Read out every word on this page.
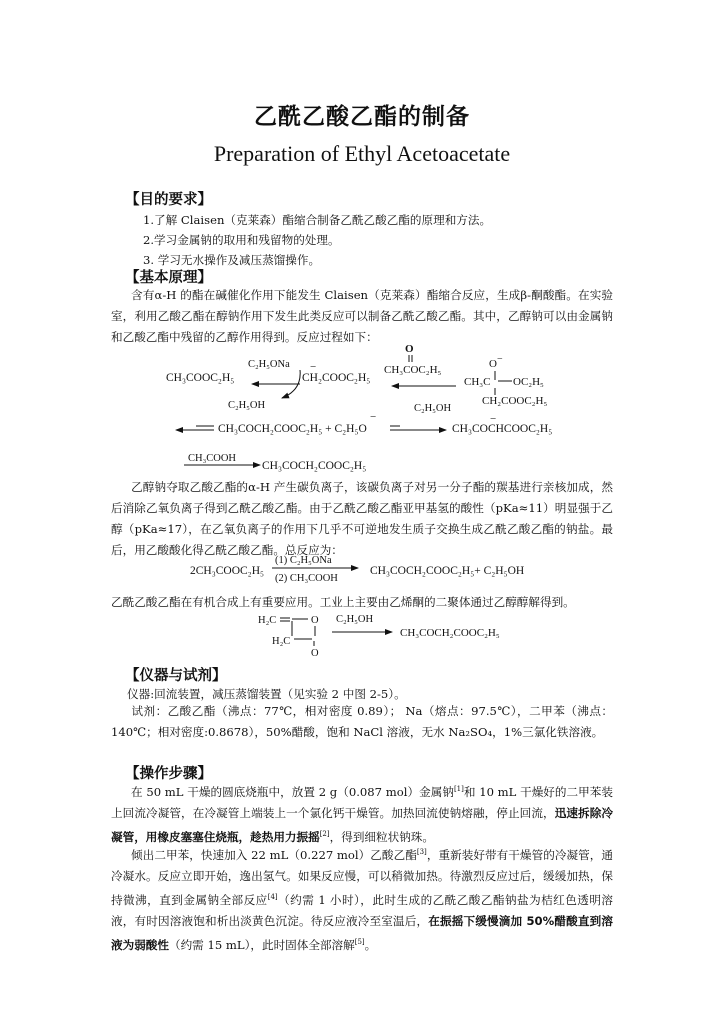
乙酰乙酸乙酯的制备
Preparation of Ethyl Acetoacetate
【目的要求】
1.了解 Claisen（克莱森）酯缩合制备乙酰乙酸乙酯的原理和方法。
2.学习金属钠的取用和残留物的处理。
3. 学习无水操作及减压蒸馏操作。
【基本原理】
含有α-H 的酯在碱催化作用下能发生 Claisen（克莱森）酯缩合反应，生成β-酮酸酯。在实验室，利用乙酸乙酯在醇钠作用下发生此类反应可以制备乙酰乙酸乙酯。其中，乙醇钠可以由金属钠和乙酸乙酯中残留的乙醇作用得到。反应过程如下：
CH₃COOC₂H₅
C₂H₅ONa
C₂H₅OH
CH₂COOC₂H₅
−
O
CH₃COC₂H₅	O −
CH₃C OC₂H₅
CH₂COOC₂H₅
CH₃COCH₂COOC₂H₅ + C₂H₅O
−
C₂H₅OH
CH₃COCHCOOC₂H₅
−
CH₃COOH
CH₃COCH₂COOC₂H₅
乙醇钠夺取乙酸乙酯的α-H 产生碳负离子，该碳负离子对另一分子酯的羰基进行亲核加成，然后消除乙氧负离子得到乙酰乙酸乙酯。由于乙酰乙酸乙酯亚甲基氢的酸性（pKa≈11）明显强于乙醇（pKa≈17），在乙氧负离子的作用下几乎不可逆地发生质子交换生成乙酰乙酸乙酯的钠盐。最后，用乙酸酸化得乙酰乙酸乙酯。总反应为：
2CH₃COOC₂H₅
(1) C₂H₅ONa
(2) CH₃COOH
CH₃COCH₂COOC₂H₅+ C₂H₅OH
乙酰乙酸乙酯在有机合成上有重要应用。工业上主要由乙烯酮的二聚体通过乙醇醇解得到。
H₂C	O
H₂C
O
C₂H₅OH
CH₃COCH₂COOC₂H₅
【仪器与试剂】
仪器:回流装置，减压蒸馏装置（见实验 2 中图 2-5）。
试剂：乙酸乙酯（沸点：77℃，相对密度 0.89）； Na（熔点：97.5℃），二甲苯（沸点：140℃；相对密度:0.8678），50%醋酸，饱和 NaCl 溶液，无水 Na₂SO₄，1%三氯化铁溶液。
【操作步骤】
在 50 mL 干燥的圆底烧瓶中，放置 2 g（0.087 mol）金属钠[1]和 10 mL 干燥好的二甲苯装上回流冷凝管，在冷凝管上端装上一个氯化钙干燥管。加热回流使钠熔融，停止回流，迅速拆除冷凝管，用橡皮塞塞住烧瓶，趁热用力振摇[2]，得到细粒状钠珠。
倾出二甲苯，快速加入 22 mL（0.227 mol）乙酸乙酯[3]，重新装好带有干燥管的冷凝管，通冷凝水。反应立即开始，逸出氢气。如果反应慢，可以稍微加热。待激烈反应过后，缓缓加热，保持微沸，直到金属钠全部反应[4]（约需 1 小时），此时生成的乙酰乙酸乙酯钠盐为桔红色透明溶液，有时因溶液饱和析出淡黄色沉淀。待反应液冷至室温后，在振摇下缓慢滴加 50%醋酸直到溶液为弱酸性（约需 15 mL），此时固体全部溶解[5]。
